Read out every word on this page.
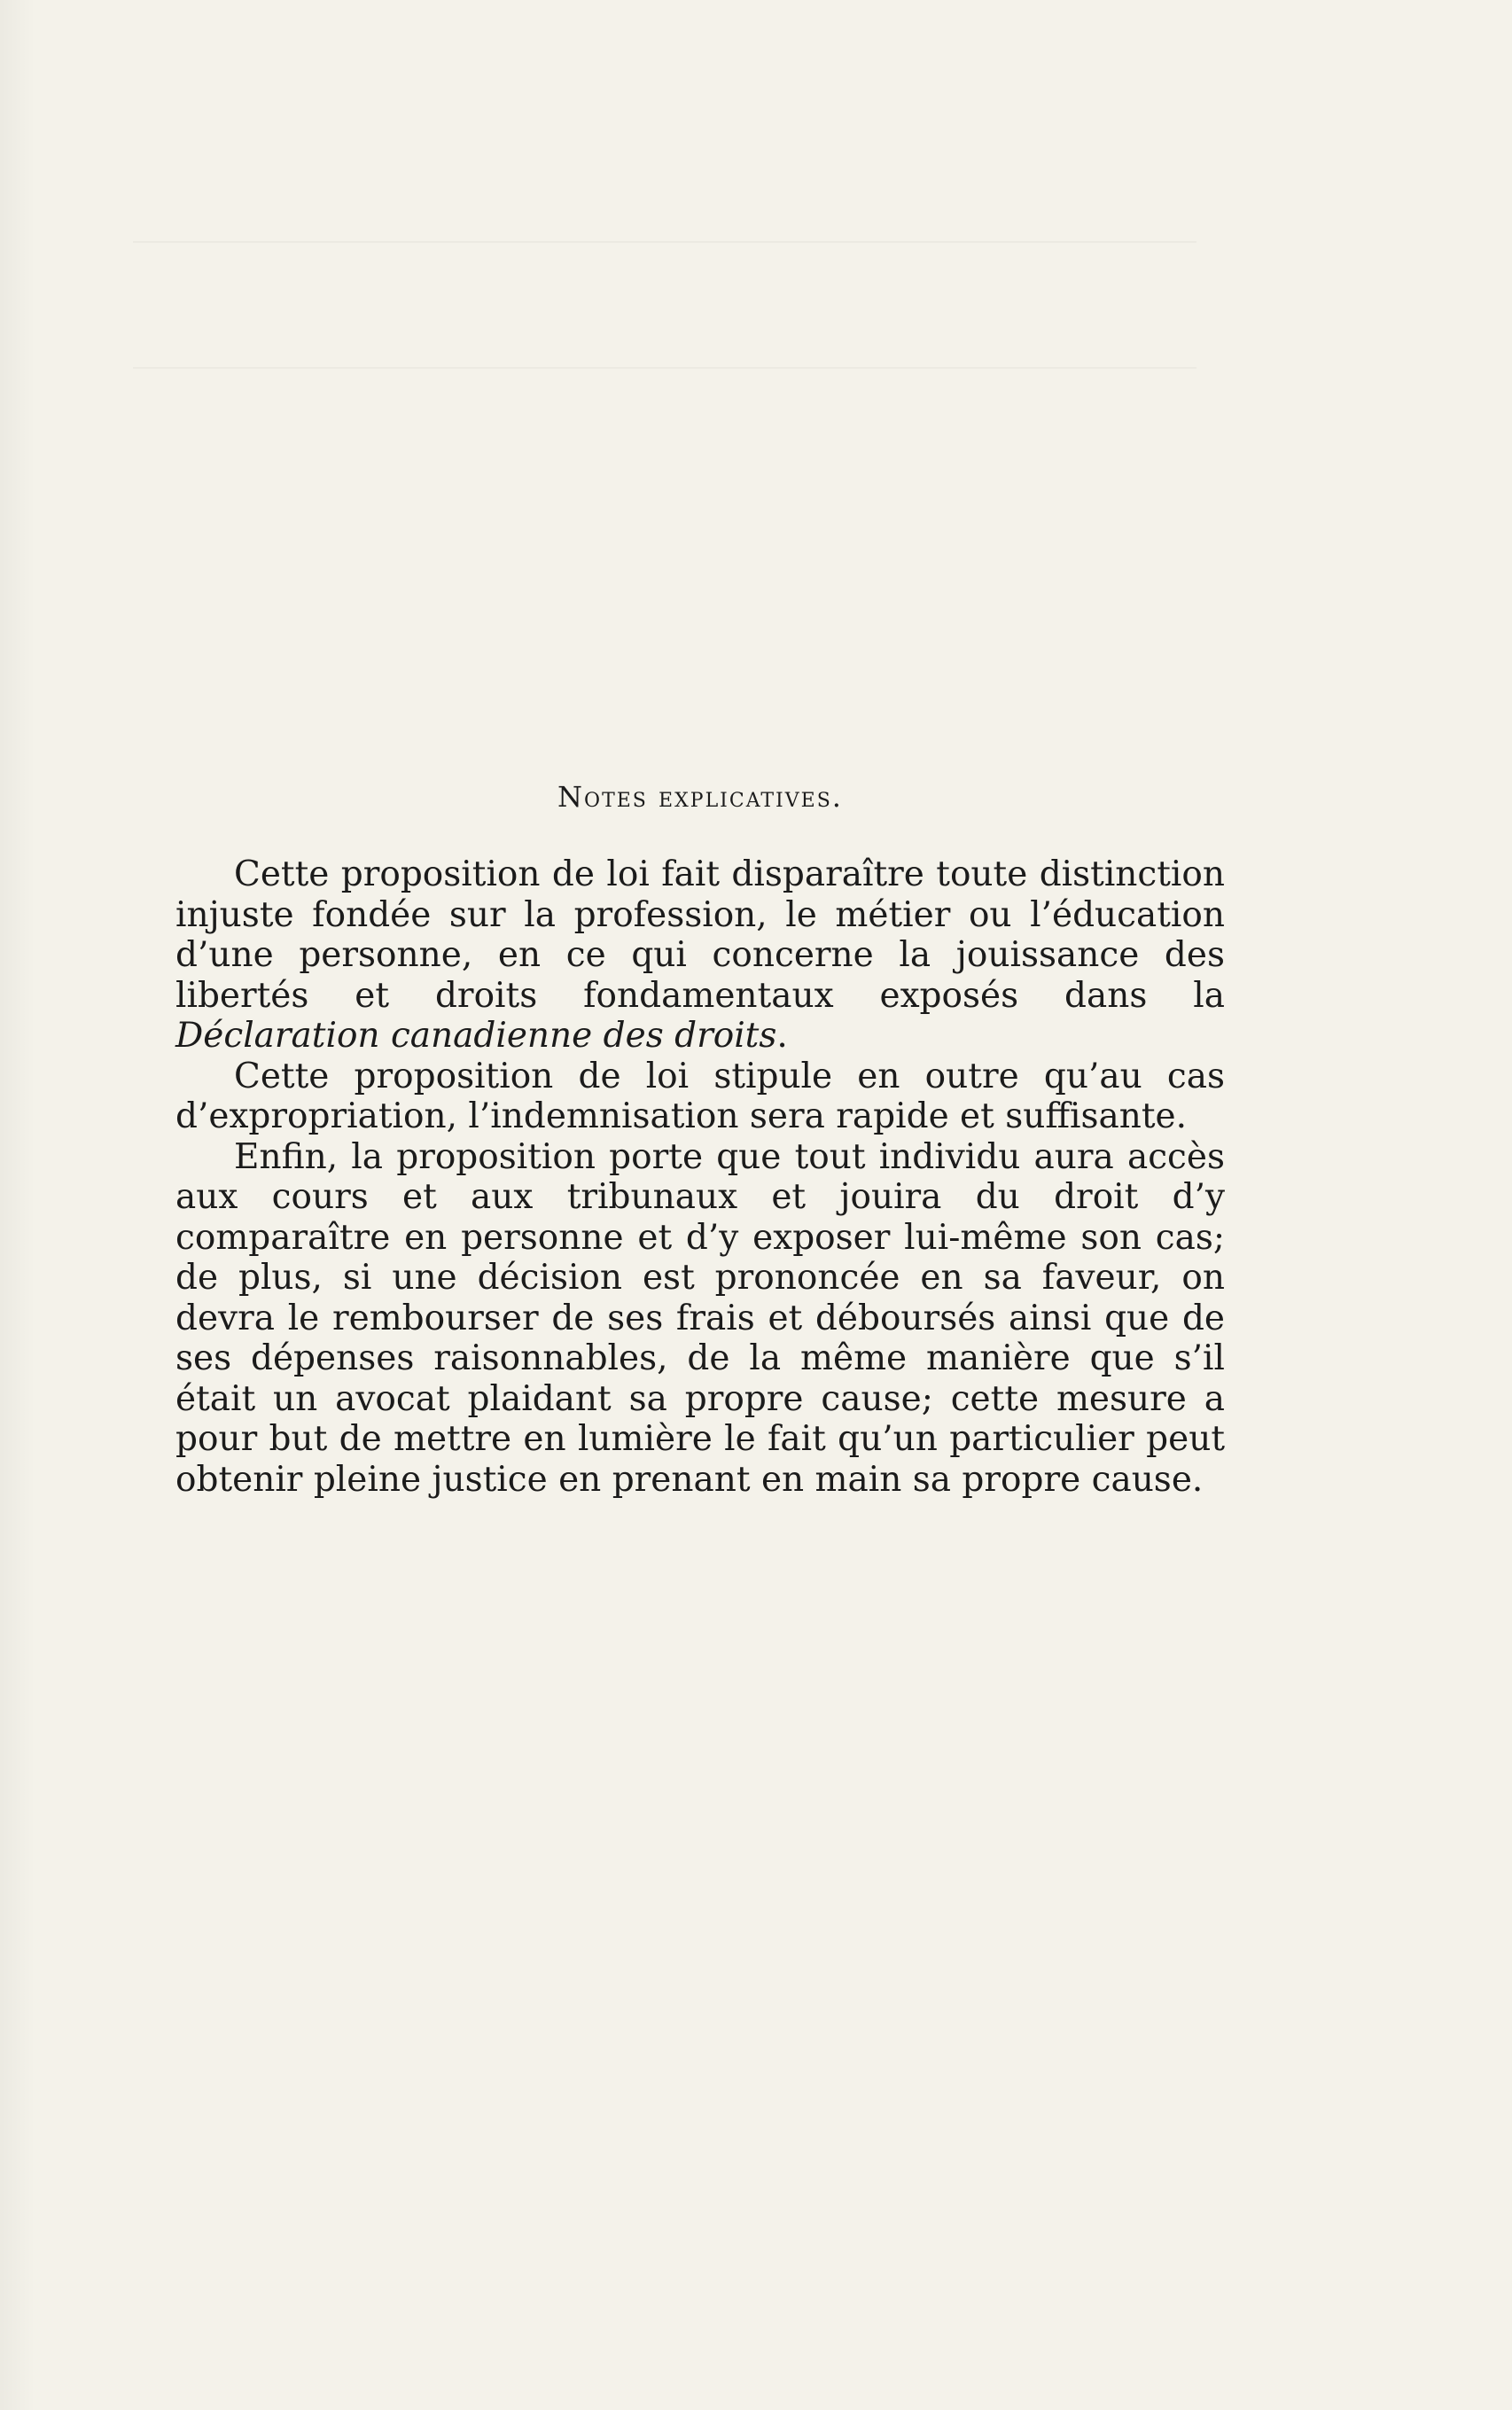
Notes explicatives.

Cette proposition de loi fait disparaître toute distinction injuste fondée sur la profession, le métier ou l’éducation d’une personne, en ce qui concerne la jouissance des libertés et droits fondamentaux exposés dans la Déclaration canadienne des droits.

Cette proposition de loi stipule en outre qu’au cas d’expropriation, l’indemnisation sera rapide et suffisante.

Enfin, la proposition porte que tout individu aura accès aux cours et aux tribunaux et jouira du droit d’y comparaître en personne et d’y exposer lui-même son cas; de plus, si une décision est prononcée en sa faveur, on devra le rembourser de ses frais et déboursés ainsi que de ses dépenses raisonnables, de la même manière que s’il était un avocat plaidant sa propre cause; cette mesure a pour but de mettre en lumière le fait qu’un particulier peut obtenir pleine justice en prenant en main sa propre cause.
